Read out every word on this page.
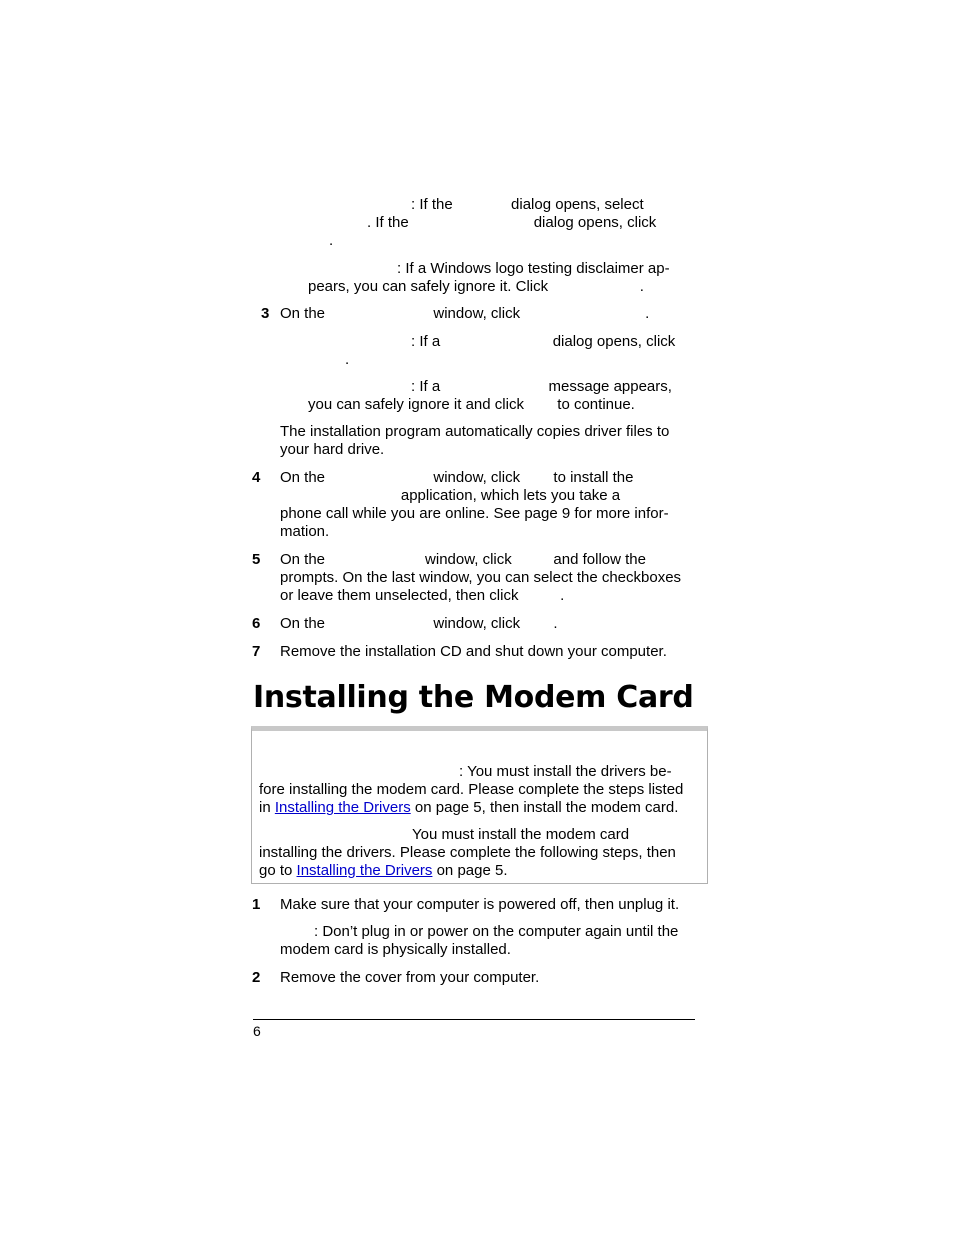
: If the              dialog opens, select
. If the                              dialog opens, click
.
: If a Windows logo testing disclaimer ap-
pears, you can safely ignore it. Click                      .
3 On the                          window, click                              .
: If a                           dialog opens, click
.
: If a                          message appears,
you can safely ignore it and click        to continue.
The installation program automatically copies driver files to
your hard drive.
4 On the                          window, click        to install the
application, which lets you take a
phone call while you are online. See page 9 for more infor-
mation.
5 On the                        window, click          and follow the
prompts. On the last window, you can select the checkboxes
or leave them unselected, then click          .
6 On the                          window, click        .
7 Remove the installation CD and shut down your computer.
Installing the Modem Card
: You must install the drivers be-
fore installing the modem card. Please complete the steps listed
in Installing the Drivers on page 5, then install the modem card.
You must install the modem card
installing the drivers. Please complete the following steps, then
go to Installing the Drivers on page 5.
1 Make sure that your computer is powered off, then unplug it.
: Don’t plug in or power on the computer again until the
modem card is physically installed.
2 Remove the cover from your computer.
6
